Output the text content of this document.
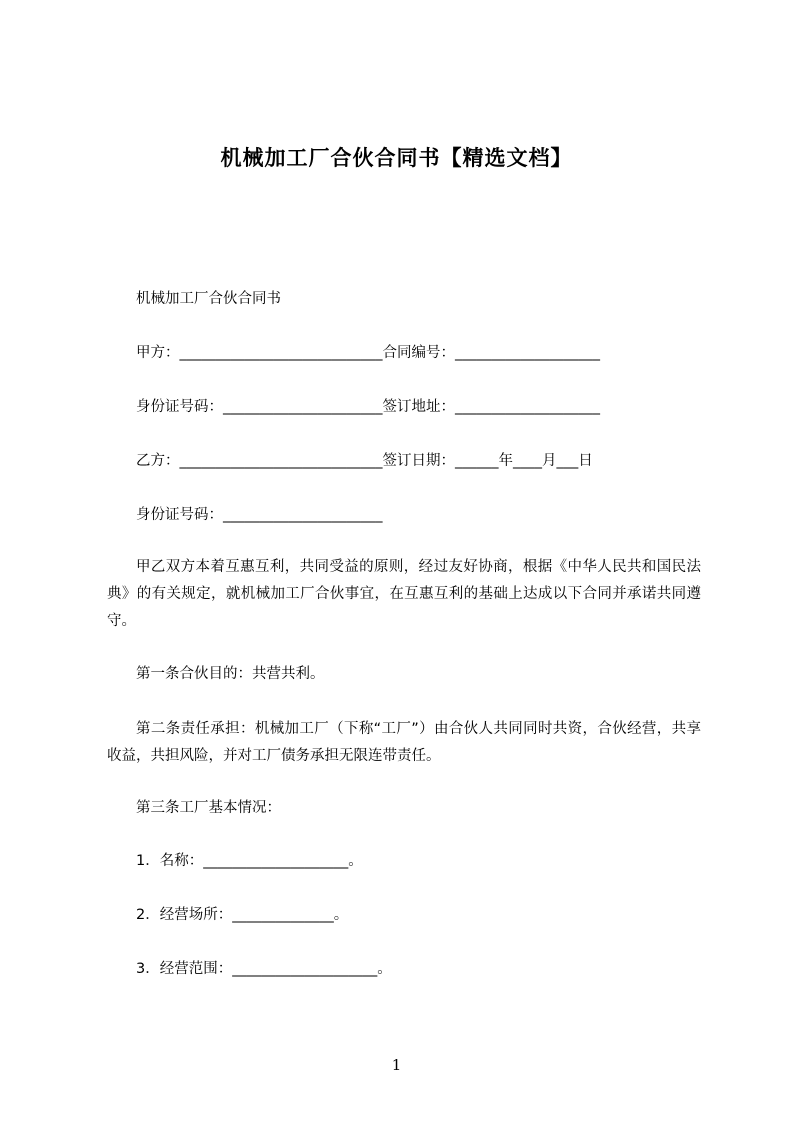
机械加工厂合伙合同书【精选文档】
机械加工厂合伙合同书
甲方：____________________________合同编号：____________________
身份证号码：______________________签订地址：____________________
乙方：____________________________签订日期：______年____月___日
身份证号码：______________________
甲乙双方本着互惠互利，共同受益的原则，经过友好协商，根据《中华人民共和国民法典》的有关规定，就机械加工厂合伙事宜，在互惠互利的基础上达成以下合同并承诺共同遵守。
第一条合伙目的：共营共利。
第二条责任承担：机械加工厂（下称“工厂”）由合伙人共同同时共资，合伙经营，共享收益，共担风险，并对工厂债务承担无限连带责任。
第三条工厂基本情况：
1．名称：____________________。
2．经营场所：______________。
3．经营范围：____________________。
1
